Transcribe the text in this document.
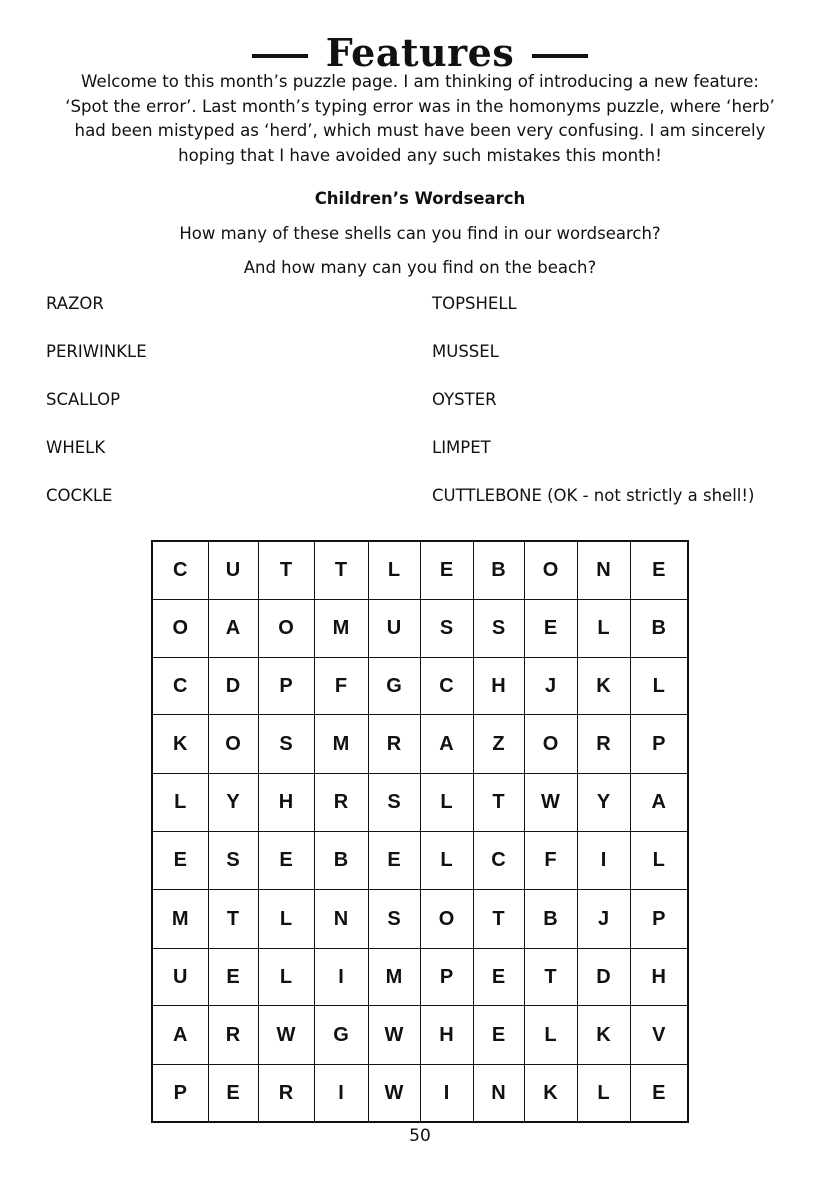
Features
Welcome to this month’s puzzle page. I am thinking of introducing a new feature:
‘Spot the error’. Last month’s typing error was in the homonyms puzzle, where ‘herb’
had been mistyped as ‘herd’, which must have been very confusing. I am sincerely
hoping that I have avoided any such mistakes this month!
Children’s Wordsearch
How many of these shells can you find in our wordsearch?
And how many can you find on the beach?
RAZOR
PERIWINKLE
SCALLOP
WHELK
COCKLE
TOPSHELL
MUSSEL
OYSTER
LIMPET
CUTTLEBONE (OK - not strictly a shell!)
C	U	T	T	L	E	B	O	N	E
O	A	O	M	U	S	S	E	L	B
C	D	P	F	G	C	H	J	K	L
K	O	S	M	R	A	Z	O	R	P
L	Y	H	R	S	L	T	W	Y	A
E	S	E	B	E	L	C	F	I	L
M	T	L	N	S	O	T	B	J	P
U	E	L	I	M	P	E	T	D	H
A	R	W	G	W	H	E	L	K	V
P	E	R	I	W	I	N	K	L	E
50
